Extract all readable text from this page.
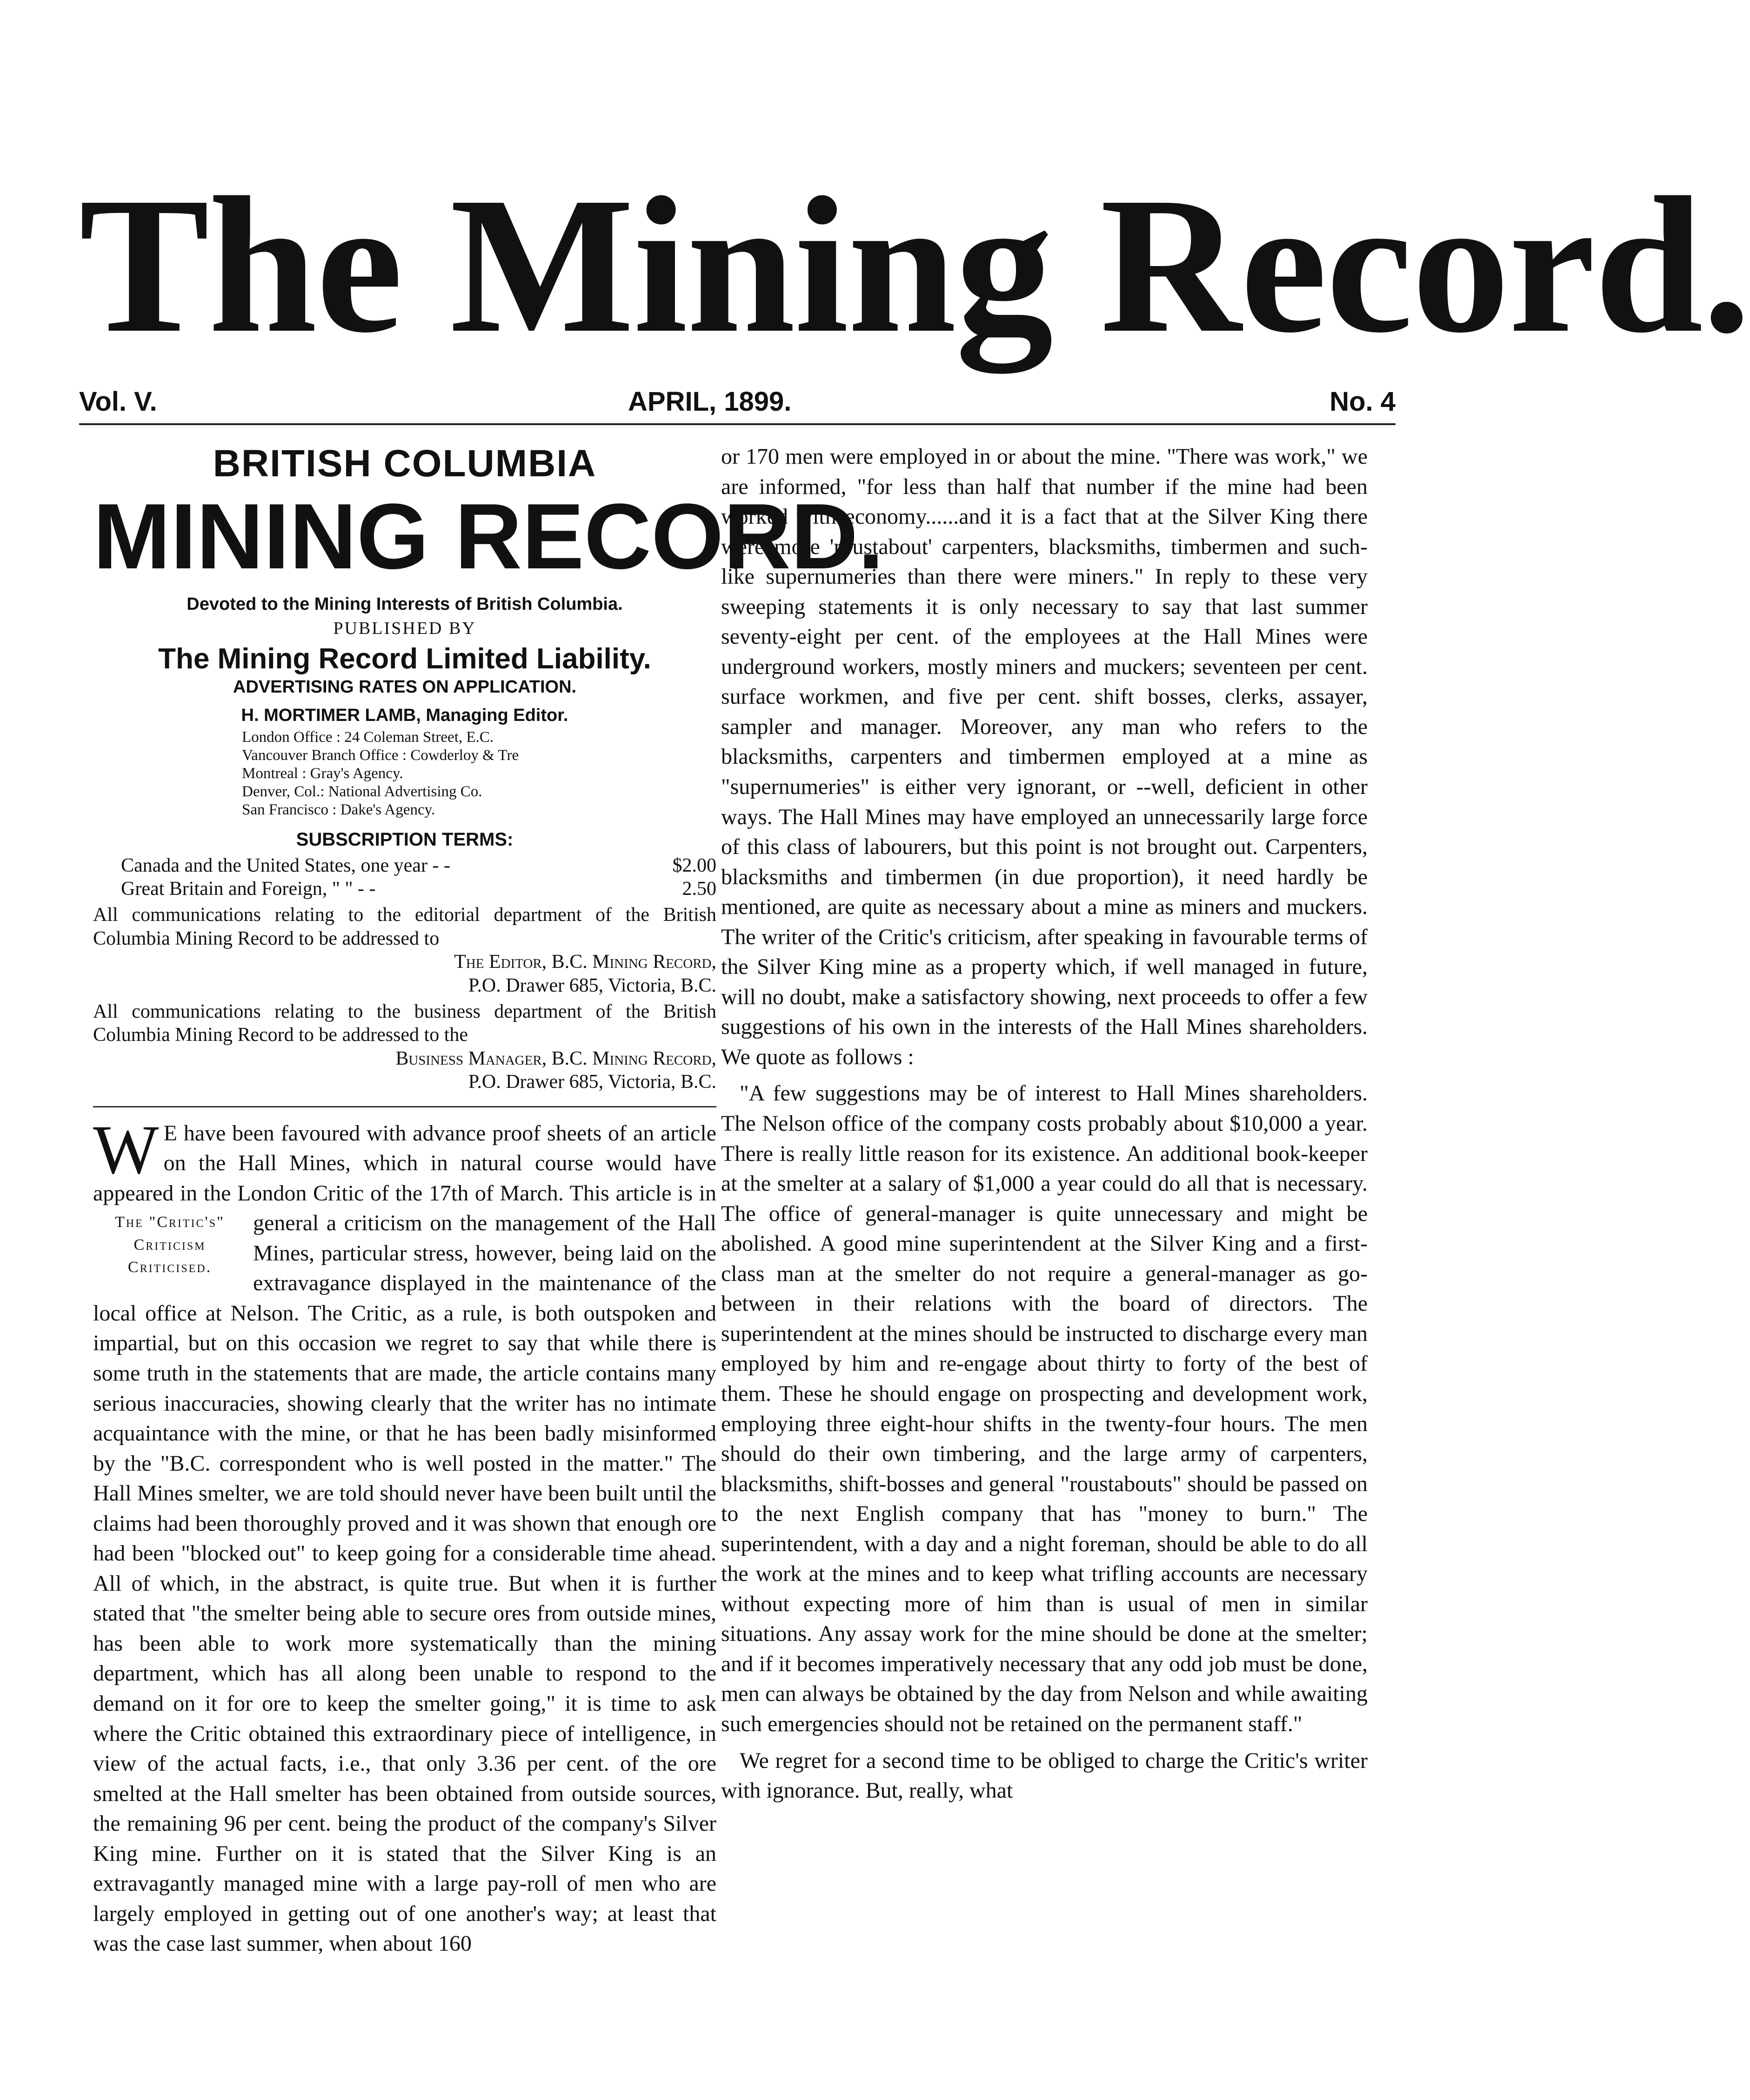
The Mining Record.
Vol. V.	APRIL, 1899.	No. 4
BRITISH COLUMBIA
MINING RECORD.
Devoted to the Mining Interests of British Columbia.
PUBLISHED BY
The Mining Record Limited Liability.
ADVERTISING RATES ON APPLICATION.
H. MORTIMER LAMB, Managing Editor.
London Office : 24 Coleman Street, E.C.
Vancouver Branch Office : Cowderloy & Tre
Montreal : Gray's Agency.
Denver, Col.: National Advertising Co.
San Francisco : Dake's Agency.
SUBSCRIPTION TERMS:
Canada and the United States, one year - -	$2.00
Great Britain and Foreign, " " - -	2.50

All communications relating to the editorial department of the British Columbia Mining Record to be addressed to

The Editor, B.C. Mining Record,

P.O. Drawer 685, Victoria, B.C.

All communications relating to the business department of the British Columbia Mining Record to be addressed to the

Business Manager, B.C. Mining Record,

P.O. Drawer 685, Victoria, B.C.

W E have been favoured with advance proof sheets of an article on the Hall Mines, which in natural course would have appeared in the London Critic of the 17th of March. This article is in general a criticism on the management of the
The "Critic's" Criticism Criticised.
Hall Mines, particular stress, however, being laid on the extravagance displayed in the maintenance of the local office at Nelson. The Critic, as a rule, is both outspoken and impartial, but on this occasion we regret to say that while there is some truth in the statements that are made, the article contains many serious inaccuracies, showing clearly that the writer has no intimate acquaintance with the mine, or that he has been badly misinformed by the "B.C. correspondent who is well posted in the matter." The Hall Mines smelter, we are told should never have been built until the claims had been thoroughly proved and it was shown that enough ore had been "blocked out" to keep going for a considerable time ahead. All of which, in the abstract, is quite true. But when it is further stated that "the smelter being able to secure ores from outside mines, has been able to work more systematically than the mining department, which has all along been unable to respond to the demand on it for ore to keep the smelter going," it is time to ask where the Critic obtained this extraordinary piece of intelligence, in view of the actual facts, i.e., that only 3.36 per cent. of the ore smelted at the Hall smelter has been obtained from outside sources, the remaining 96 per cent. being the product of the company's Silver King mine. Further on it is stated that the Silver King is an extravagantly managed mine with a large pay-roll of men who are largely employed in getting out of one another's way; at least that was the case last summer, when about 160

or 170 men were employed in or about the mine. "There was work," we are informed, "for less than half that number if the mine had been worked with economy......and it is a fact that at the Silver King there were more 'roustabout' carpenters, blacksmiths, timbermen and such-like supernumeries than there were miners." In reply to these very sweeping statements it is only necessary to say that last summer seventy-eight per cent. of the employees at the Hall Mines were underground workers, mostly miners and muckers; seventeen per cent. surface workmen, and five per cent. shift bosses, clerks, assayer, sampler and manager. Moreover, any man who refers to the blacksmiths, carpenters and timbermen employed at a mine as "supernumeries" is either very ignorant, or --well, deficient in other ways. The Hall Mines may have employed an unnecessarily large force of this class of labourers, but this point is not brought out. Carpenters, blacksmiths and timbermen (in due proportion), it need hardly be mentioned, are quite as necessary about a mine as miners and muckers. The writer of the Critic's criticism, after speaking in favourable terms of the Silver King mine as a property which, if well managed in future, will no doubt, make a satisfactory showing, next proceeds to offer a few suggestions of his own in the interests of the Hall Mines shareholders. We quote as follows :

"A few suggestions may be of interest to Hall Mines shareholders. The Nelson office of the company costs probably about $10,000 a year. There is really little reason for its existence. An additional book-keeper at the smelter at a salary of $1,000 a year could do all that is necessary. The office of general-manager is quite unnecessary and might be abolished. A good mine superintendent at the Silver King and a first-class man at the smelter do not require a general-manager as go-between in their relations with the board of directors. The superintendent at the mines should be instructed to discharge every man employed by him and re-engage about thirty to forty of the best of them. These he should engage on prospecting and development work, employing three eight-hour shifts in the twenty-four hours. The men should do their own timbering, and the large army of carpenters, blacksmiths, shift-bosses and general "roustabouts" should be passed on to the next English company that has "money to burn." The superintendent, with a day and a night foreman, should be able to do all the work at the mines and to keep what trifling accounts are necessary without expecting more of him than is usual of men in similar situations. Any assay work for the mine should be done at the smelter; and if it becomes imperatively necessary that any odd job must be done, men can always be obtained by the day from Nelson and while awaiting such emergencies should not be retained on the permanent staff."

We regret for a second time to be obliged to charge the Critic's writer with ignorance. But, really, what
